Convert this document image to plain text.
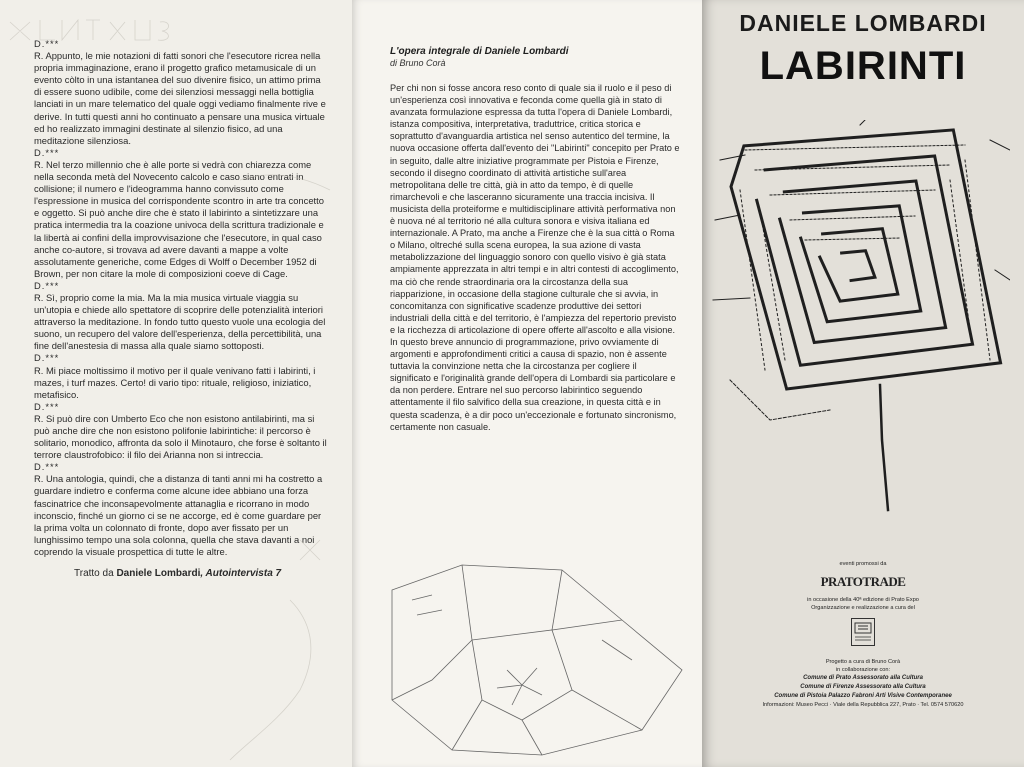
D.***

R. Appunto, le mie notazioni di fatti sonori che l'esecutore ricrea nella propria immaginazione, erano il progetto grafico metamusicale di un evento còlto in una istantanea del suo divenire fisico, un attimo prima di essere suono udibile, come dei silenziosi messaggi nella bottiglia lanciati in un mare telematico del quale oggi vediamo finalmente rive e derive. In tutti questi anni ho continuato a pensare una musica virtuale ed ho realizzato immagini destinate al silenzio fisico, ad una meditazione silenziosa.

D.***

R. Nel terzo millennio che è alle porte si vedrà con chiarezza come nella seconda metà del Novecento calcolo e caso siano entrati in collisione; il numero e l'ideogramma hanno convissuto come l'espressione in musica del corrispondente scontro in arte tra concetto e oggetto. Si può anche dire che è stato il labirinto a sintetizzare una pratica intermedia tra la coazione univoca della scrittura tradizionale e la libertà ai confini della improvvisazione che l'esecutore, in qual caso anche co-autore, si trovava ad avere davanti a mappe a volte assolutamente generiche, come Edges di Wolff o December 1952 di Brown, per non citare la mole di composizioni coeve di Cage.

D.***

R. Sì, proprio come la mia. Ma la mia musica virtuale viaggia su un'utopia e chiede allo spettatore di scoprire delle potenzialità interiori attraverso la meditazione. In fondo tutto questo vuole una ecologia del suono, un recupero del valore dell'esperienza, della percettibilità, una fine dell'anestesia di massa alla quale siamo sottoposti.

D.***

R. Mi piace moltissimo il motivo per il quale venivano fatti i labirinti, i mazes, i turf mazes. Certo! di vario tipo: rituale, religioso, iniziatico, metafisico.

D.***

R. Si può dire con Umberto Eco che non esistono antilabirinti, ma si può anche dire che non esistono polifonie labirintiche: il percorso è solitario, monodico, affronta da solo il Minotauro, che forse è soltanto il terrore claustrofobico: il filo dei Arianna non si intreccia.

D.***

R. Una antologia, quindi, che a distanza di tanti anni mi ha costretto a guardare indietro e conferma come alcune idee abbiano una forza fascinatrice che inconsapevolmente attanaglia e ricorrano in modo inconscio, finché un giorno ci se ne accorge, ed è come guardare per la prima volta un colonnato di fronte, dopo aver fissato per un lunghissimo tempo una sola colonna, quella che stava davanti a noi coprendo la visuale prospettica di tutte le altre.

Tratto da Daniele Lombardi, Autointervista 7

L'opera integrale di Daniele Lombardi

di Bruno Corà

Per chi non si fosse ancora reso conto di quale sia il ruolo e il peso di un'esperienza così innovativa e feconda come quella già in stato di avanzata formulazione espressa da tutta l'opera di Daniele Lombardi, istanza compositiva, interpretativa, traduttrice, critica storica e soprattutto d'avanguardia artistica nel senso autentico del termine, la nuova occasione offerta dall'evento dei "Labirinti" concepito per Prato e in seguito, dalle altre iniziative programmate per Pistoia e Firenze, secondo il disegno coordinato di attività artistiche sull'area metropolitana delle tre città, già in atto da tempo, è di quelle rimarchevoli e che lasceranno sicuramente una traccia incisiva. Il musicista della proteiforme e multidisciplinare attività performativa non è nuova né al territorio né alla cultura sonora e visiva italiana ed internazionale. A Prato, ma anche a Firenze che è la sua città o Roma o Milano, oltreché sulla scena europea, la sua azione di vasta metabolizzazione del linguaggio sonoro con quello visivo è già stata ampiamente apprezzata in altri tempi e in altri contesti di accoglimento, ma ciò che rende straordinaria ora la circostanza della sua riapparizione, in occasione della stagione culturale che si avvia, in concomitanza con significative scadenze produttive dei settori industriali della città e del territorio, è l'ampiezza del repertorio previsto e la ricchezza di articolazione di opere offerte all'ascolto e alla visione.

In questo breve annuncio di programmazione, privo ovviamente di argomenti e approfondimenti critici a causa di spazio, non è assente tuttavia la convinzione netta che la circostanza per cogliere il significato e l'originalità grande dell'opera di Lombardi sia particolare e da non perdere. Entrare nel suo percorso labirintico seguendo attentamente il filo salvifico della sua creazione, in questa città e in questa scadenza, è a dir poco un'eccezionale e fortunato sincronismo, certamente non casuale.

DANIELE LOMBARDI
LABIRINTI
eventi promossi da
PRATOTRADE
in occasione della 40ª edizione di Prato Expo
Organizzazione e realizzazione a cura del
Progetto a cura di Bruno Corà
in collaborazione con:
Comune di Prato Assessorato alla Cultura
Comune di Firenze Assessorato alla Cultura
Comune di Pistoia Palazzo Fabroni Arti Visive Contemporanee
Informazioni: Museo Pecci · Viale della Repubblica 227, Prato · Tel. 0574 570620
